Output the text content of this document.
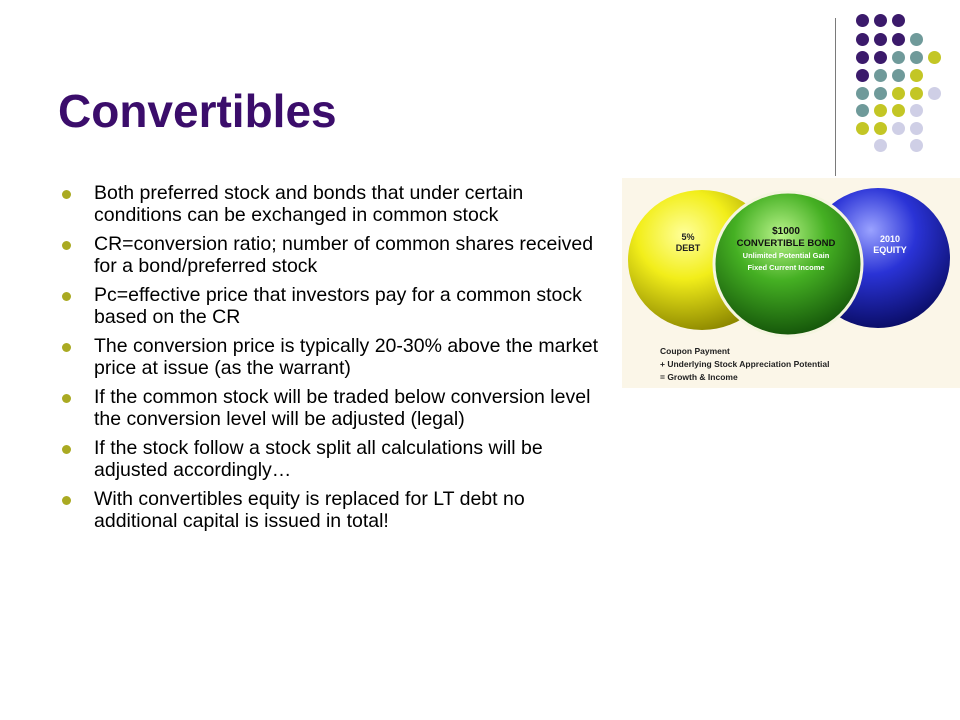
Convertibles
Both preferred stock and bonds that under certain conditions can be exchanged in common stock
CR=conversion ratio; number of common shares received for a bond/preferred stock
Pc=effective price that investors pay for a common stock based on the CR
The conversion price is typically 20-30% above the market price at issue (as the warrant)
If the common stock will be traded below conversion level the conversion level will be adjusted (legal)
If the stock follow a stock split all calculations will be adjusted accordingly…
With convertibles equity is replaced for LT debt no additional capital is issued in total!
5%
DEBT
$1000
CONVERTIBLE BOND
Unlimited Potential Gain
Fixed Current Income
2010
EQUITY
Coupon Payment
+ Underlying Stock Appreciation Potential
= Growth & Income
